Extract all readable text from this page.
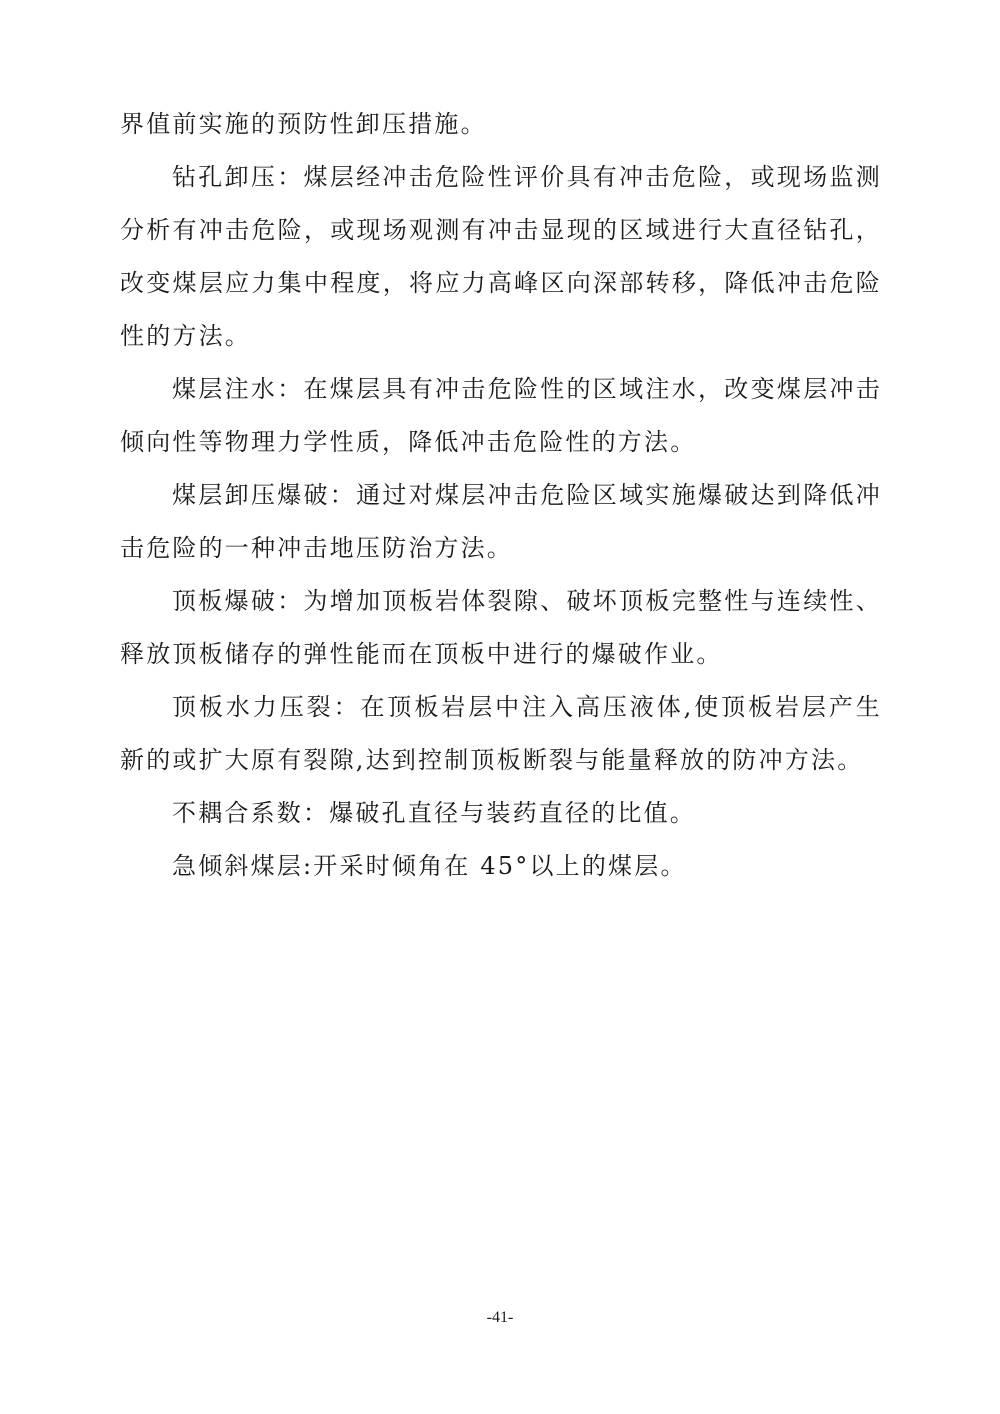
界值前实施的预防性卸压措施。

钻孔卸压：煤层经冲击危险性评价具有冲击危险，或现场监测分析有冲击危险，或现场观测有冲击显现的区域进行大直径钻孔，改变煤层应力集中程度，将应力高峰区向深部转移，降低冲击危险性的方法。

煤层注水：在煤层具有冲击危险性的区域注水，改变煤层冲击倾向性等物理力学性质，降低冲击危险性的方法。

煤层卸压爆破：通过对煤层冲击危险区域实施爆破达到降低冲击危险的一种冲击地压防治方法。

顶板爆破：为增加顶板岩体裂隙、破坏顶板完整性与连续性、释放顶板储存的弹性能而在顶板中进行的爆破作业。

顶板水力压裂：在顶板岩层中注入高压液体,使顶板岩层产生新的或扩大原有裂隙,达到控制顶板断裂与能量释放的防冲方法。

不耦合系数：爆破孔直径与装药直径的比值。

急倾斜煤层:开采时倾角在 45°以上的煤层。

-41-
